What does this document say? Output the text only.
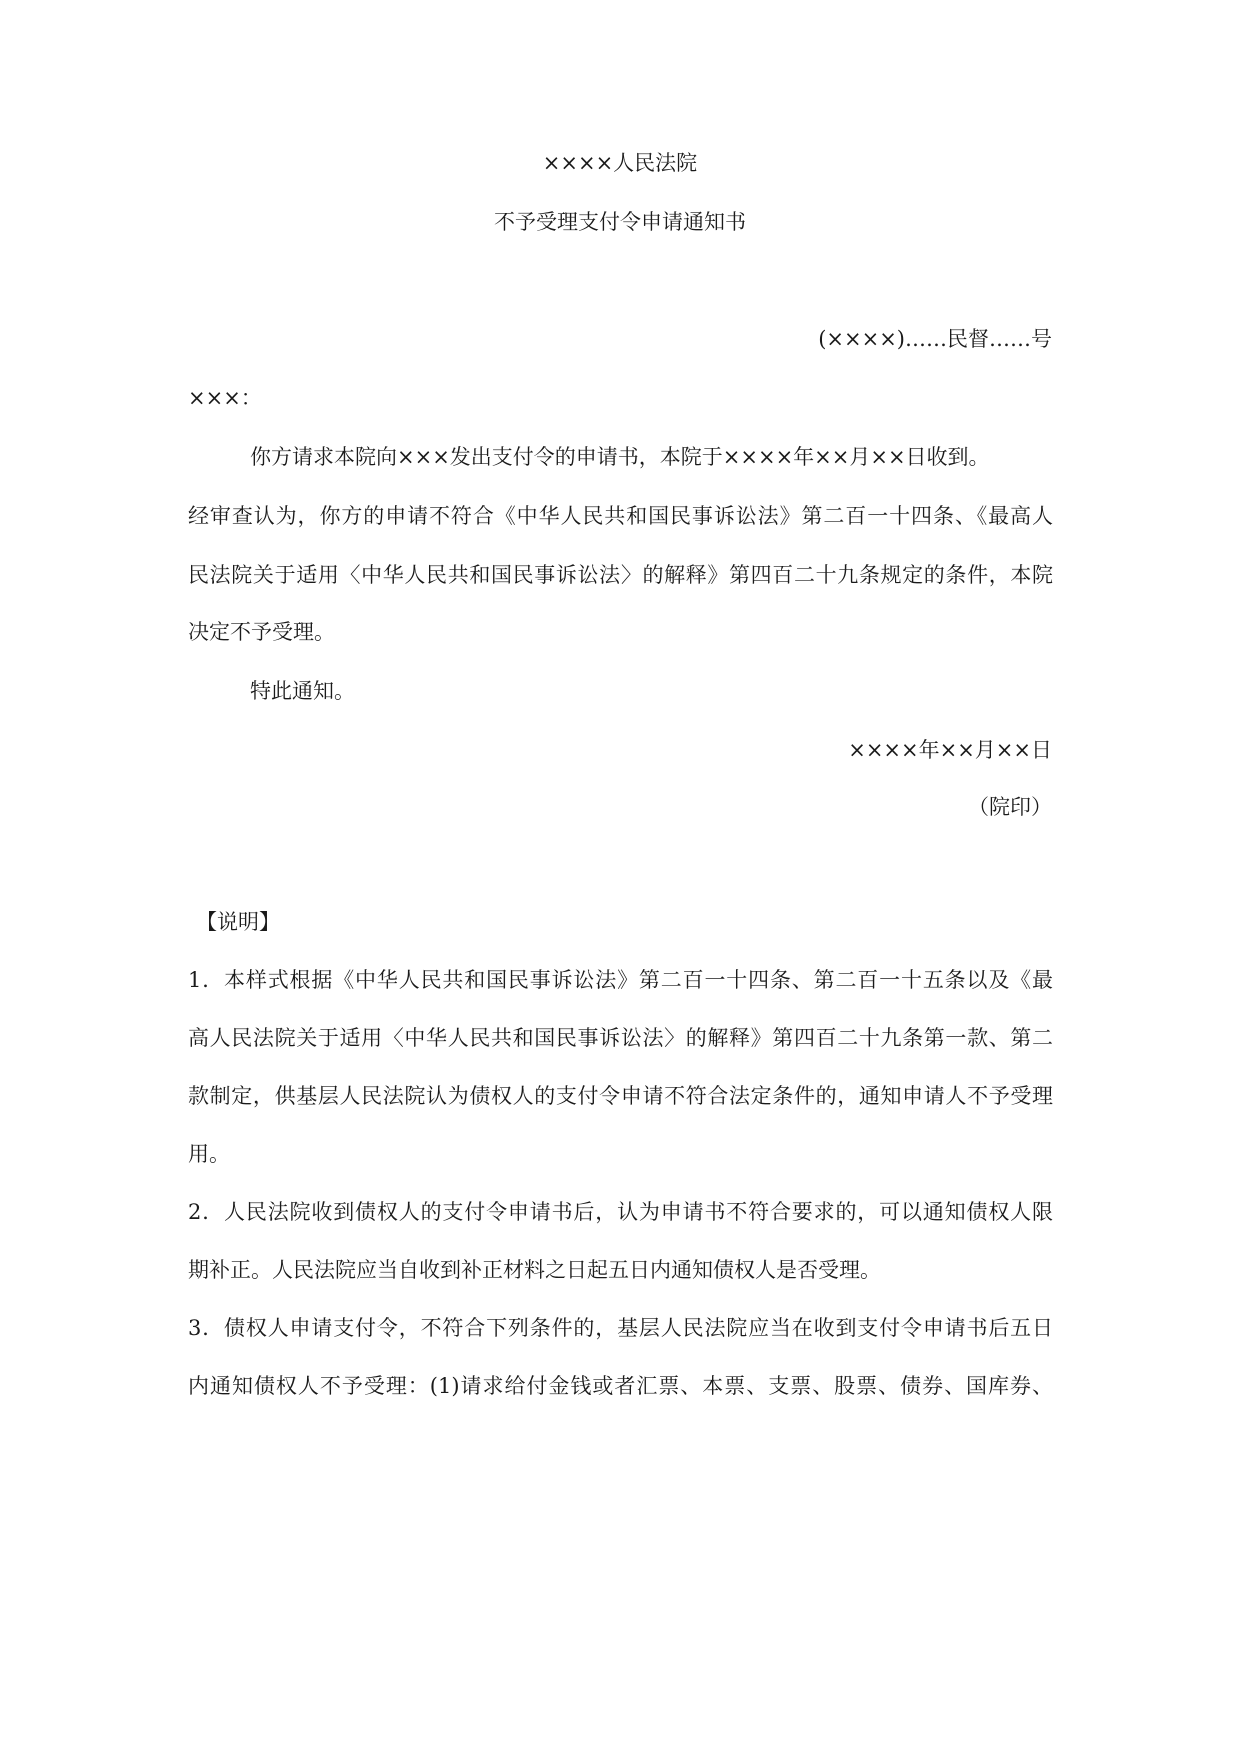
××××人民法院
不予受理支付令申请通知书
(××××)……民督……号
×××：
你方请求本院向×××发出支付令的申请书，本院于××××年××月××日收到。
经审查认为，你方的申请不符合《中华人民共和国民事诉讼法》第二百一十四条、《最高人
民法院关于适用〈中华人民共和国民事诉讼法〉的解释》第四百二十九条规定的条件，本院
决定不予受理。
特此通知。
××××年××月××日
（院印）
【说明】
1．本样式根据《中华人民共和国民事诉讼法》第二百一十四条、第二百一十五条以及《最
高人民法院关于适用〈中华人民共和国民事诉讼法〉的解释》第四百二十九条第一款、第二
款制定，供基层人民法院认为债权人的支付令申请不符合法定条件的，通知申请人不予受理
用。
2．人民法院收到债权人的支付令申请书后，认为申请书不符合要求的，可以通知债权人限
期补正。人民法院应当自收到补正材料之日起五日内通知债权人是否受理。
3．债权人申请支付令，不符合下列条件的，基层人民法院应当在收到支付令申请书后五日
内通知债权人不予受理：(1)请求给付金钱或者汇票、本票、支票、股票、债券、国库券、
